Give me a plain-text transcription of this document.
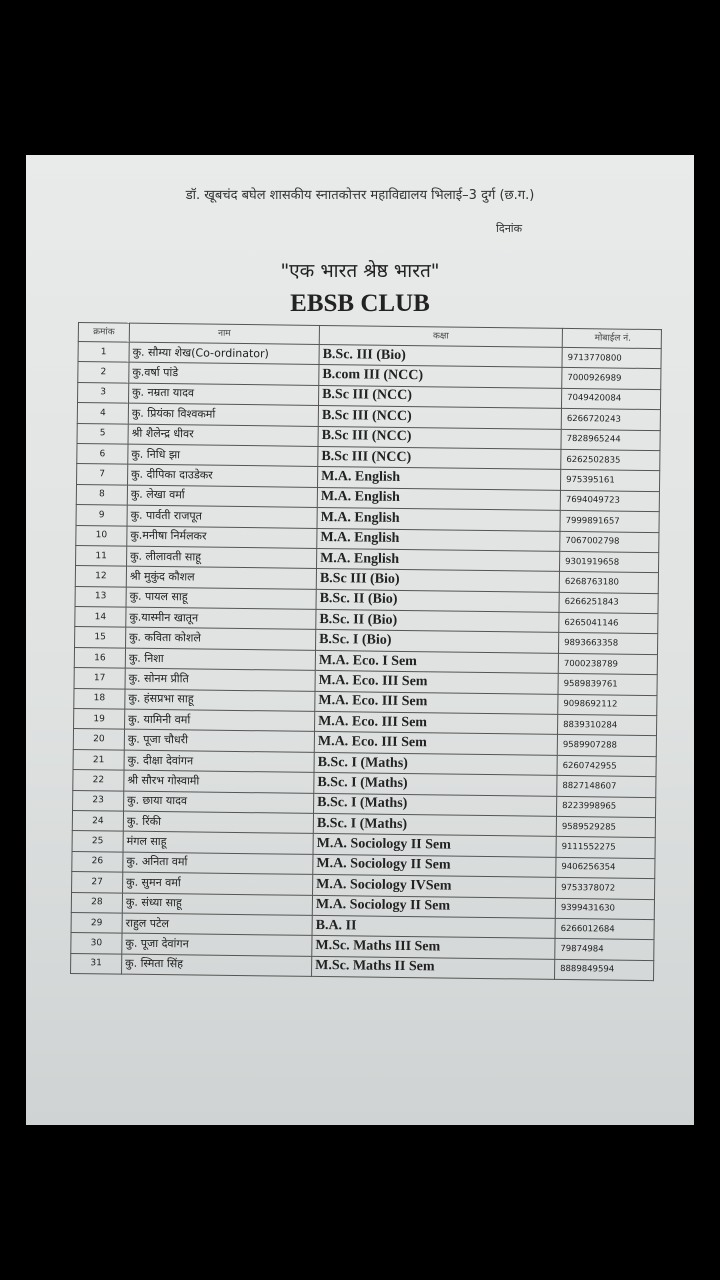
डॉ. खूबचंद बघेल शासकीय स्नातकोत्तर महाविद्यालय भिलाई–3 दुर्ग (छ.ग.)
दिनांक
"एक भारत श्रेष्ठ भारत"
EBSB CLUB
क्रमांक	नाम	कक्षा	मोबाईल नं.
1	कु. सौम्या शेख(Co-ordinator)	B.Sc. III (Bio)	9713770800
2	कु.वर्षा पांडे	B.com III (NCC)	7000926989
3	कु. नम्रता यादव	B.Sc III (NCC)	7049420084
4	कु. प्रियंका विश्वकर्मा	B.Sc III (NCC)	6266720243
5	श्री शैलेन्द्र धीवर	B.Sc III (NCC)	7828965244
6	कु. निधि झा	B.Sc III (NCC)	6262502835
7	कु. दीपिका दाउडेकर	M.A. English	975395161
8	कु. लेखा वर्मा	M.A. English	7694049723
9	कु. पार्वती राजपूत	M.A. English	7999891657
10	कु.मनीषा निर्मलकर	M.A. English	7067002798
11	कु. लीलावती साहू	M.A. English	9301919658
12	श्री मुकुंद कौशल	B.Sc III (Bio)	6268763180
13	कु. पायल साहू	B.Sc. II (Bio)	6266251843
14	कु.यास्मीन खातून	B.Sc. II (Bio)	6265041146
15	कु. कविता कोशले	B.Sc. I (Bio)	9893663358
16	कु. निशा	M.A. Eco. I Sem	7000238789
17	कु. सोनम प्रीति	M.A. Eco. III Sem	9589839761
18	कु. हंसप्रभा साहू	M.A. Eco. III Sem	9098692112
19	कु. यामिनी वर्मा	M.A. Eco. III Sem	8839310284
20	कु. पूजा चौधरी	M.A. Eco. III Sem	9589907288
21	कु. दीक्षा देवांगन	B.Sc. I (Maths)	6260742955
22	श्री सौरभ गोस्वामी	B.Sc. I (Maths)	8827148607
23	कु. छाया यादव	B.Sc. I (Maths)	8223998965
24	कु. रिंकी	B.Sc. I (Maths)	9589529285
25	मंगल साहू	M.A. Sociology II Sem	9111552275
26	कु. अनिता वर्मा	M.A. Sociology II Sem	9406256354
27	कु. सुमन वर्मा	M.A. Sociology IVSem	9753378072
28	कु. संध्या साहू	M.A. Sociology II Sem	9399431630
29	राहुल पटेल	B.A. II	6266012684
30	कु. पूजा देवांगन	M.Sc. Maths III Sem	79874984
31	कु. स्मिता सिंह	M.Sc. Maths II Sem	8889849594
